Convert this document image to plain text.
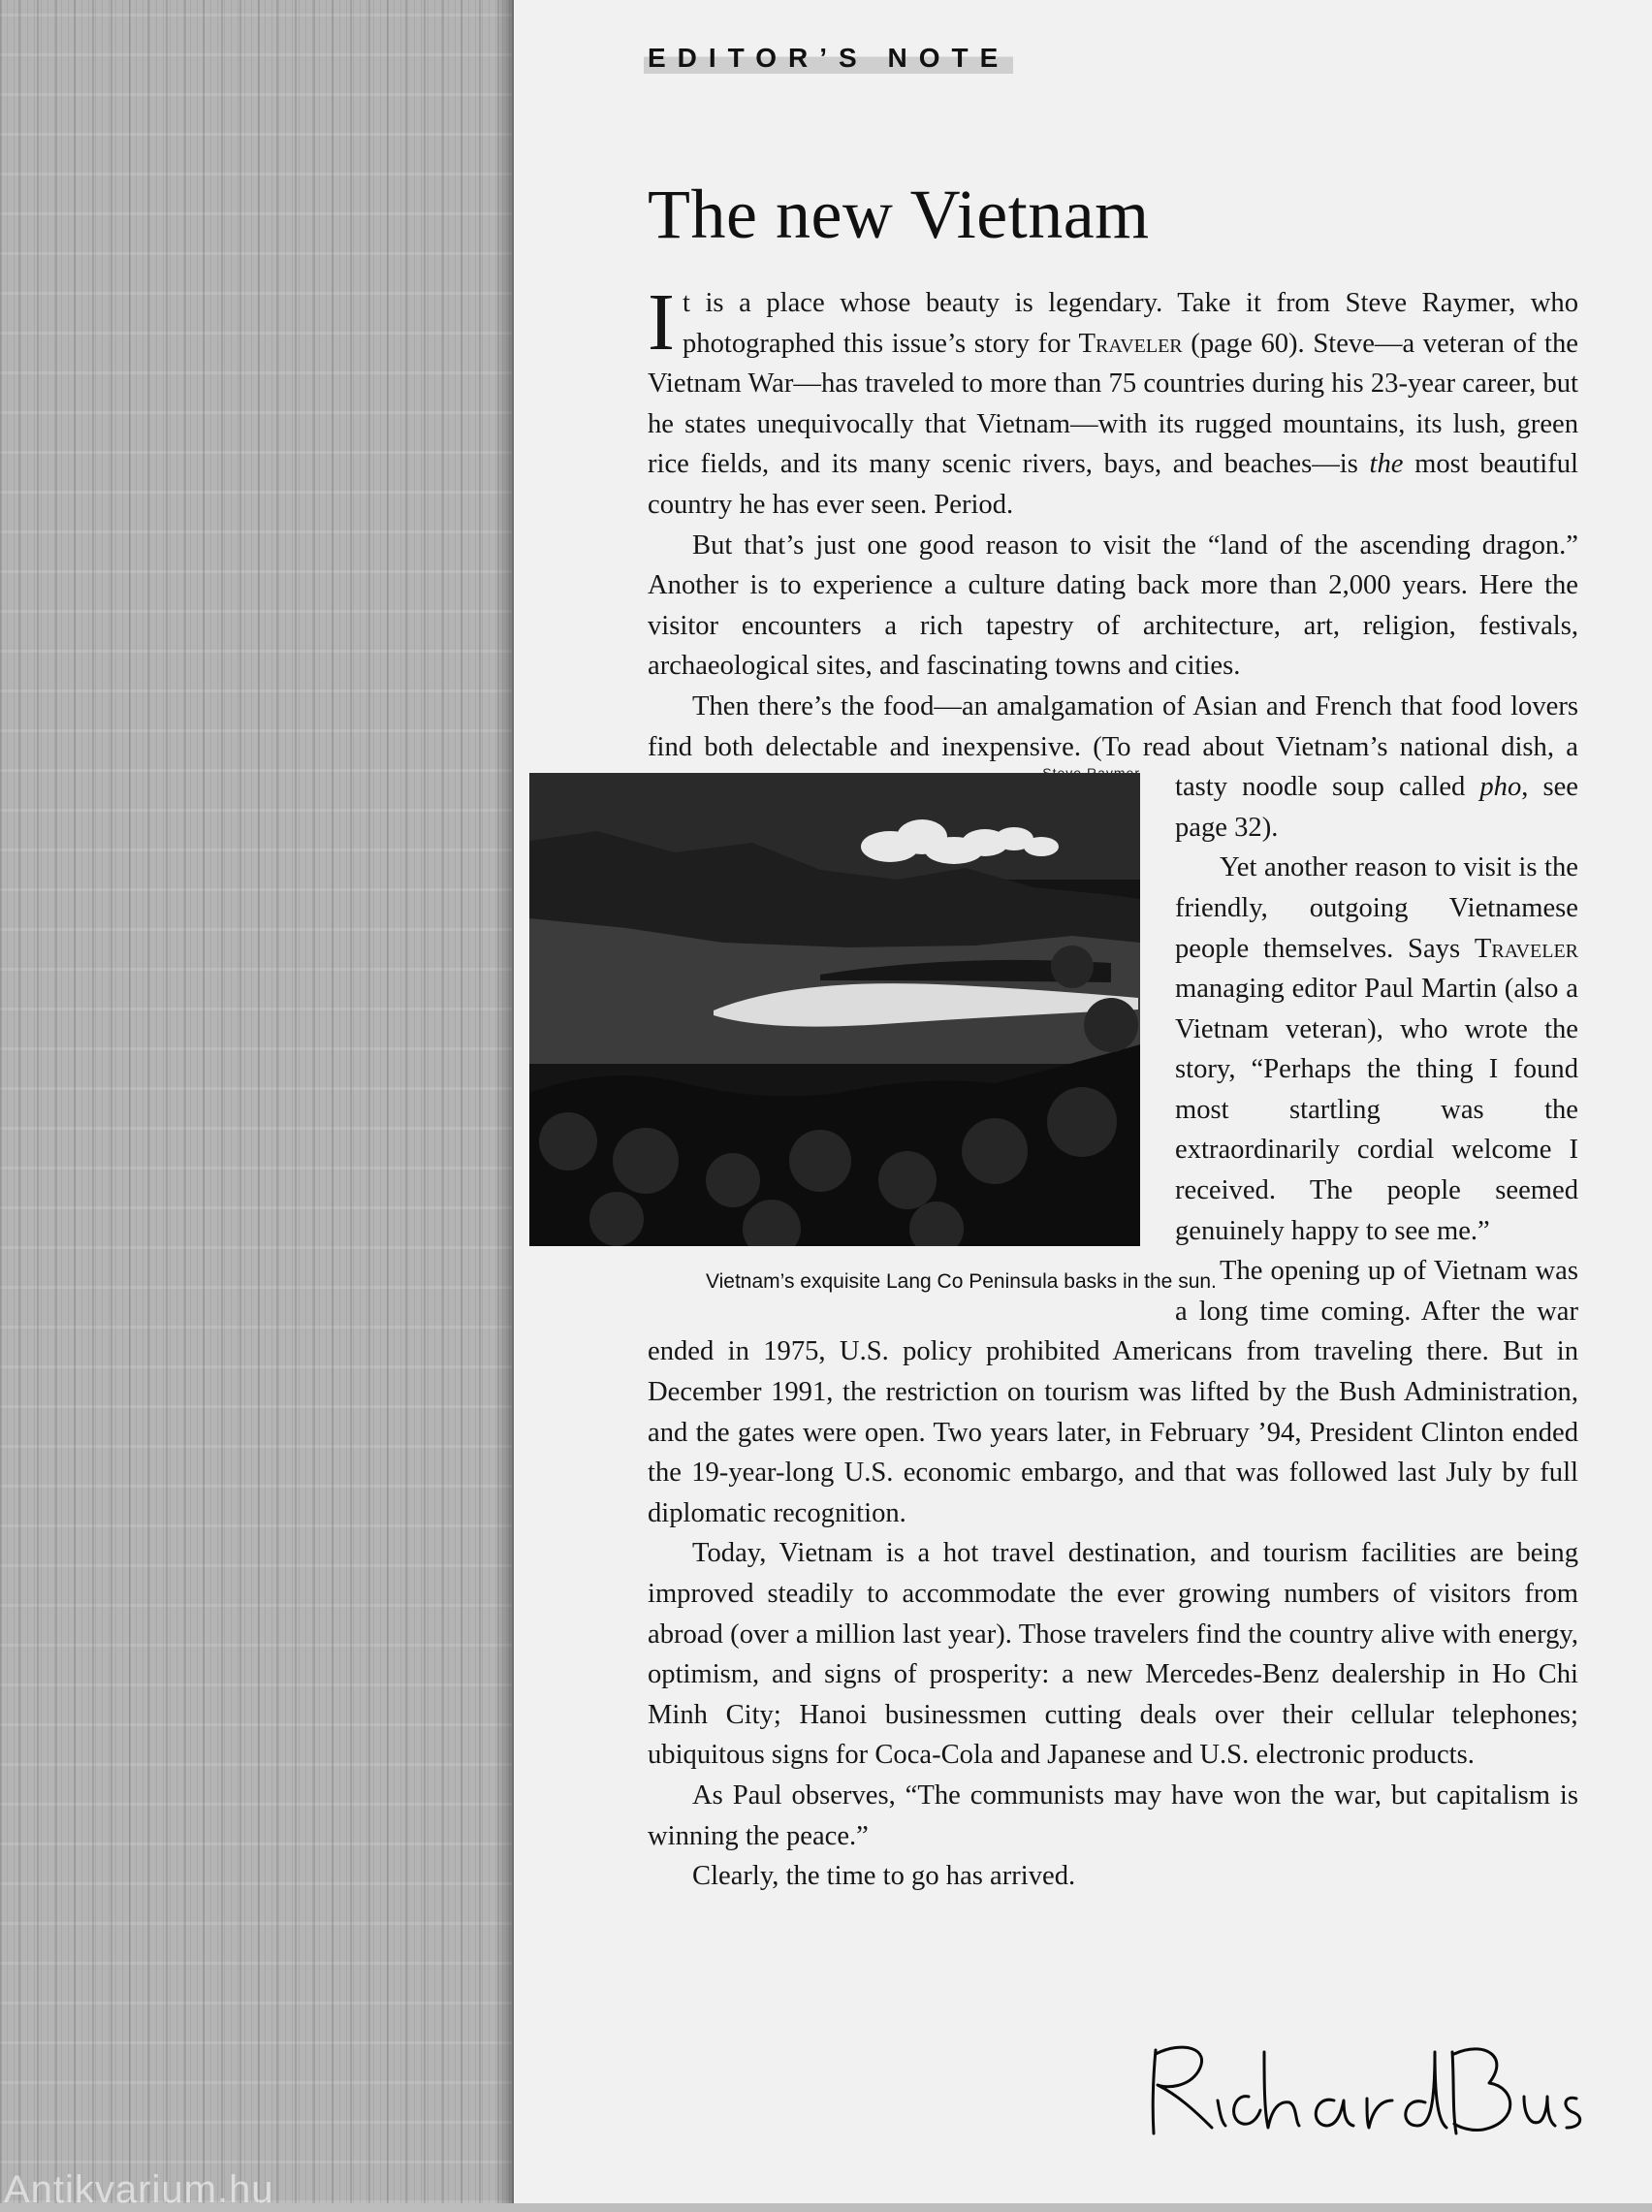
Antikvarium.hu
EDITOR’S NOTE
The new Vietnam

It is a place whose beauty is legendary. Take it from Steve Raymer, who photographed this issue’s story for Traveler (page 60). Steve—a veteran of the Vietnam War—has traveled to more than 75 countries during his 23-year career, but he states unequivocally that Vietnam—with its rugged mountains, its lush, green rice fields, and its many scenic rivers, bays, and beaches—is the most beautiful country he has ever seen. Period.

But that’s just one good reason to visit the “land of the ascending dragon.” Another is to experience a culture dating back more than 2,000 years. Here the visitor encounters a rich tapestry of architecture, art, religion, festivals, archaeological sites, and fascinating towns and cities.

Then there’s the food—an amalgamation of Asian and French that food lovers find both delectable and inexpensive. (To read about Vietnam’s national dish, a tasty noodle soup called
Vietnam’s exquisite Lang Co Peninsula basks in the sun.
pho, see page 32).

Yet another reason to visit is the friendly, outgoing Vietnamese people themselves. Says Traveler managing editor Paul Martin (also a Vietnam veteran), who wrote the story, “Perhaps the thing I found most startling was the extraordinarily cordial welcome I received. The people seemed genuinely happy to see me.”

The opening up of Vietnam was a long time coming. After the war ended in 1975, U.S. policy prohibited Americans from traveling there. But in December 1991, the restriction on tourism was lifted by the Bush Administration, and the gates were open. Two years later, in February ’94, President Clinton ended the 19-year-long U.S. economic embargo, and that was followed last July by full diplomatic recognition.

Today, Vietnam is a hot travel destination, and tourism facilities are being improved steadily to accommodate the ever growing numbers of visitors from abroad (over a million last year). Those travelers find the country alive with energy, optimism, and signs of prosperity: a new Mercedes-Benz dealership in Ho Chi Minh City; Hanoi businessmen cutting deals over their cellular telephones; ubiquitous signs for Coca-Cola and Japanese and U.S. electronic products.

As Paul observes, “The communists may have won the war, but capitalism is winning the peace.”

Clearly, the time to go has arrived.
